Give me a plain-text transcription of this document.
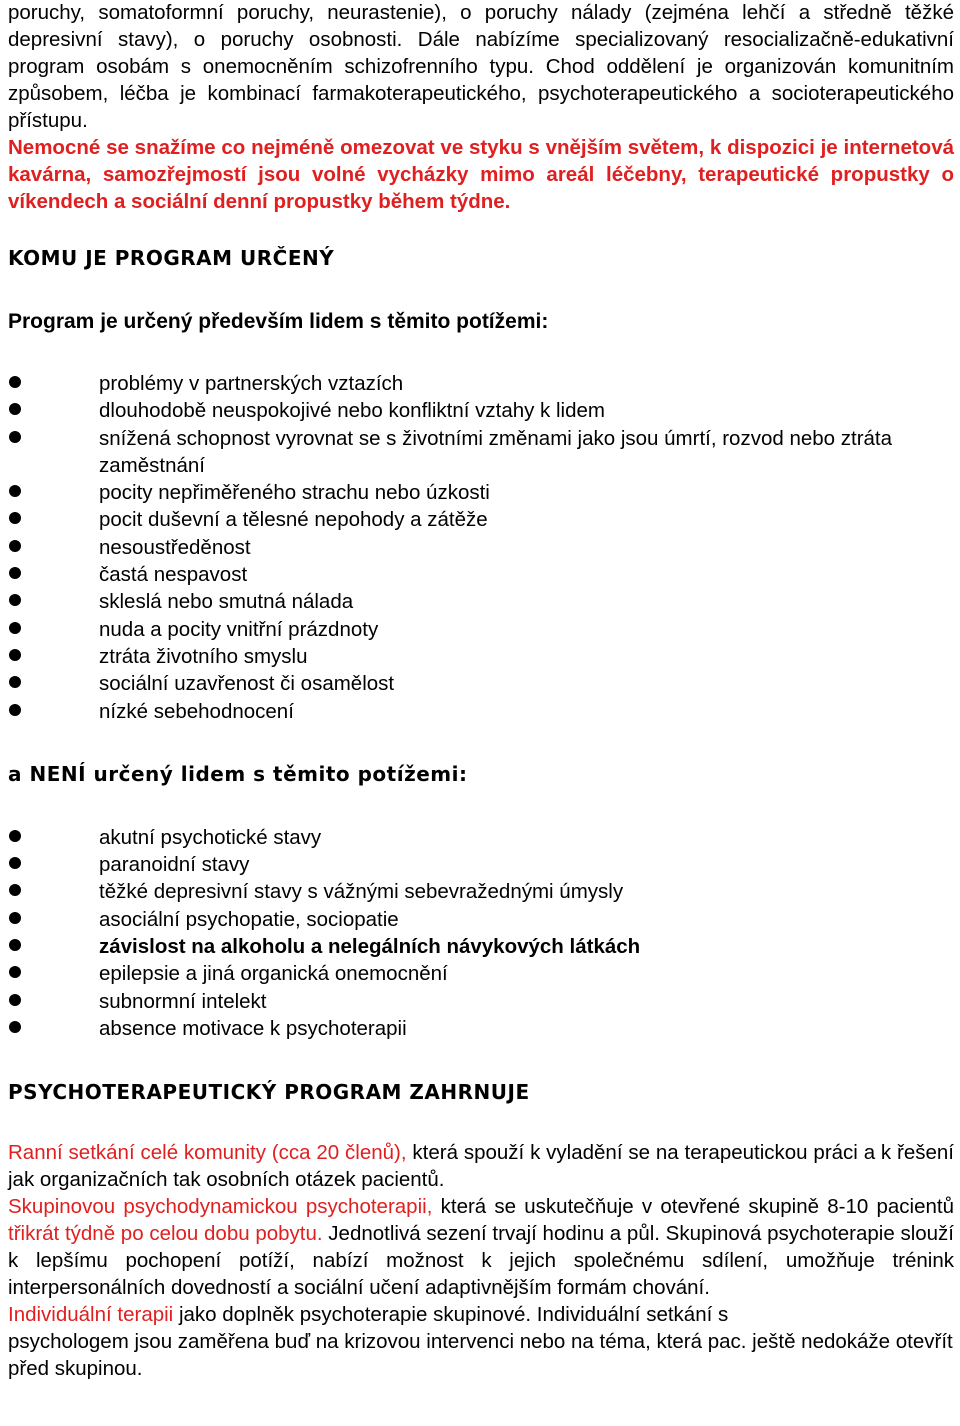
poruchy, somatoformní poruchy, neurastenie), o poruchy nálady (zejména lehčí a středně těžké depresivní stavy), o poruchy osobnosti. Dále nabízíme specializovaný resocializačně-edukativní program osobám s onemocněním schizofrenního typu. Chod oddělení je organizován komunitním způsobem, léčba je kombinací farmakoterapeutického, psychoterapeutického a socioterapeutického přístupu.

Nemocné se snažíme co nejméně omezovat ve styku s vnějším světem, k dispozici je internetová kavárna, samozřejmostí jsou volné vycházky mimo areál léčebny, terapeutické propustky o víkendech a sociální denní propustky během týdne.

KOMU JE PROGRAM URČENÝ

Program je určený především lidem s těmito potížemi:

problémy v partnerských vztazích
dlouhodobě neuspokojivé nebo konfliktní vztahy k lidem
snížená schopnost vyrovnat se s životními změnami jako jsou úmrtí, rozvod nebo ztráta zaměstnání
pocity nepřiměřeného strachu nebo úzkosti
pocit duševní a tělesné nepohody a zátěže
nesoustředěnost
častá nespavost
skleslá nebo smutná nálada
nuda a pocity vnitřní prázdnoty
ztráta životního smyslu
sociální uzavřenost či osamělost
nízké sebehodnocení

a NENÍ určený lidem s těmito potížemi:

akutní psychotické stavy
paranoidní stavy
těžké depresivní stavy s vážnými sebevražednými úmysly
asociální psychopatie, sociopatie
závislost na alkoholu a nelegálních návykových látkách
epilepsie a jiná organická onemocnění
subnormní intelekt
absence motivace k psychoterapii

PSYCHOTERAPEUTICKÝ PROGRAM ZAHRNUJE

Ranní setkání celé komunity (cca 20 členů), která spouží k vyladění se na terapeutickou práci a k řešení jak organizačních tak osobních otázek pacientů.

Skupinovou psychodynamickou psychoterapii, která se uskutečňuje v otevřené skupině 8-10 pacientů třikrát týdně po celou dobu pobytu. Jednotlivá sezení trvají hodinu a půl. Skupinová psychoterapie slouží k lepšímu pochopení potíží, nabízí možnost k jejich společnému sdílení, umožňuje trénink interpersonálních dovedností a sociální učení adaptivnějším formám chování.

Individuální terapii jako doplněk psychoterapie skupinové. Individuální setkání s
psychologem jsou zaměřena buď na krizovou intervenci nebo na téma, která pac. ještě nedokáže otevřít před skupinou.
